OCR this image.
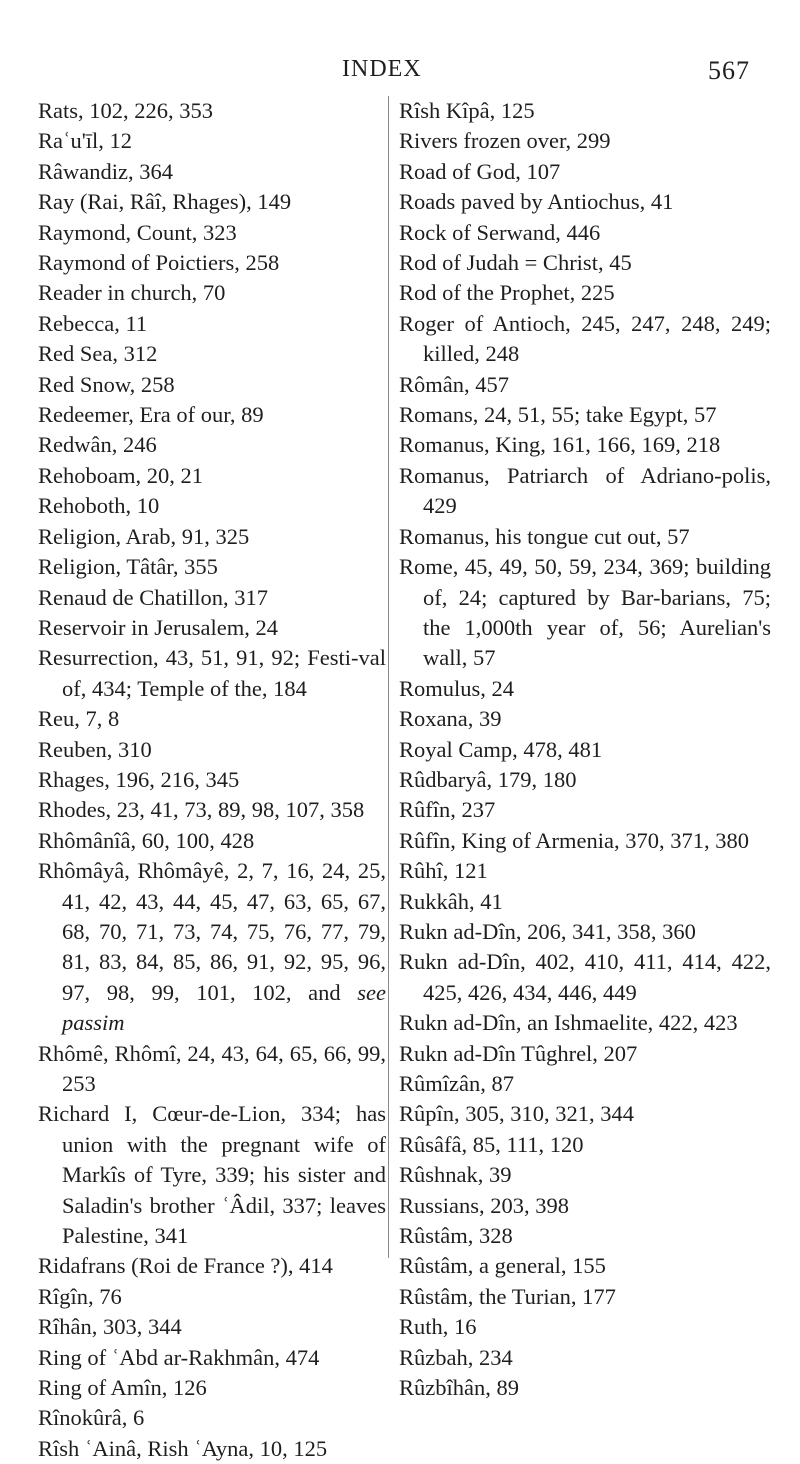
INDEX	567
Rats, 102, 226, 353
Raʿu'īl, 12
Râwandiz, 364
Ray (Rai, Râî, Rhages), 149
Raymond, Count, 323
Raymond of Poictiers, 258
Reader in church, 70
Rebecca, 11
Red Sea, 312
Red Snow, 258
Redeemer, Era of our, 89
Redwân, 246
Rehoboam, 20, 21
Rehoboth, 10
Religion, Arab, 91, 325
Religion, Tâtâr, 355
Renaud de Chatillon, 317
Reservoir in Jerusalem, 24
Resurrection, 43, 51, 91, 92; Festi-val of, 434; Temple of the, 184
Reu, 7, 8
Reuben, 310
Rhages, 196, 216, 345
Rhodes, 23, 41, 73, 89, 98, 107, 358
Rhômânîâ, 60, 100, 428
Rhômâyâ, Rhômâyê, 2, 7, 16, 24, 25, 41, 42, 43, 44, 45, 47, 63, 65, 67, 68, 70, 71, 73, 74, 75, 76, 77, 79, 81, 83, 84, 85, 86, 91, 92, 95, 96, 97, 98, 99, 101, 102, and see passim
Rhômê, Rhômî, 24, 43, 64, 65, 66, 99, 253
Richard I, Cœur-de-Lion, 334; has union with the pregnant wife of Markîs of Tyre, 339; his sister and Saladin's brother ʿÂdil, 337; leaves Palestine, 341
Ridafrans (Roi de France ?), 414
Rîgîn, 76
Rîhân, 303, 344
Ring of ʿAbd ar-Rakhmân, 474
Ring of Amîn, 126
Rînokûrâ, 6
Rîsh ʿAinâ, Rish ʿAyna, 10, 125
Rîsh Kîpâ, 125
Rivers frozen over, 299
Road of God, 107
Roads paved by Antiochus, 41
Rock of Serwand, 446
Rod of Judah = Christ, 45
Rod of the Prophet, 225
Roger of Antioch, 245, 247, 248, 249; killed, 248
Rômân, 457
Romans, 24, 51, 55; take Egypt, 57
Romanus, King, 161, 166, 169, 218
Romanus, Patriarch of Adriano-polis, 429
Romanus, his tongue cut out, 57
Rome, 45, 49, 50, 59, 234, 369; building of, 24; captured by Bar-barians, 75; the 1,000th year of, 56; Aurelian's wall, 57
Romulus, 24
Roxana, 39
Royal Camp, 478, 481
Rûdbaryâ, 179, 180
Rûfîn, 237
Rûfîn, King of Armenia, 370, 371, 380
Rûhî, 121
Rukkâh, 41
Rukn ad-Dîn, 206, 341, 358, 360
Rukn ad-Dîn, 402, 410, 411, 414, 422, 425, 426, 434, 446, 449
Rukn ad-Dîn, an Ishmaelite, 422, 423
Rukn ad-Dîn Tûghrel, 207
Rûmîzân, 87
Rûpîn, 305, 310, 321, 344
Rûsâfâ, 85, 111, 120
Rûshnak, 39
Russians, 203, 398
Rûstâm, 328
Rûstâm, a general, 155
Rûstâm, the Turian, 177
Ruth, 16
Rûzbah, 234
Rûzbîhân, 89
